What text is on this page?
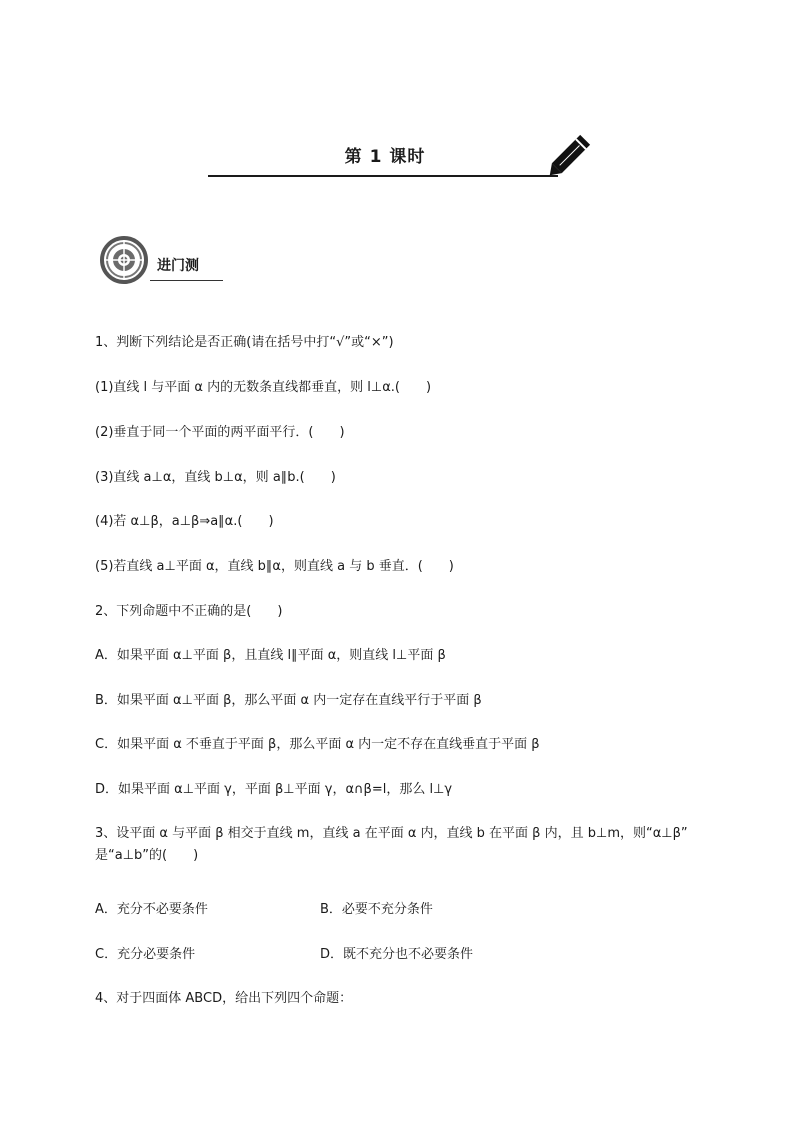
第 1 课时
进门测
1、判断下列结论是否正确(请在括号中打“√”或“×”)
(1)直线 l 与平面 α 内的无数条直线都垂直，则 l⊥α.(　　)
(2)垂直于同一个平面的两平面平行．(　　)
(3)直线 a⊥α，直线 b⊥α，则 a∥b.(　　)
(4)若 α⊥β，a⊥β⇒a∥α.(　　)
(5)若直线 a⊥平面 α，直线 b∥α，则直线 a 与 b 垂直．(　　)
2、下列命题中不正确的是(　　)
A．如果平面 α⊥平面 β，且直线 l∥平面 α，则直线 l⊥平面 β
B．如果平面 α⊥平面 β，那么平面 α 内一定存在直线平行于平面 β
C．如果平面 α 不垂直于平面 β，那么平面 α 内一定不存在直线垂直于平面 β
D．如果平面 α⊥平面 γ，平面 β⊥平面 γ，α∩β=l，那么 l⊥γ
3、设平面 α 与平面 β 相交于直线 m，直线 a 在平面 α 内，直线 b 在平面 β 内，且 b⊥m，则“α⊥β”
是“a⊥b”的(　　)
A．充分不必要条件	B．必要不充分条件
C．充分必要条件	D．既不充分也不必要条件
4、对于四面体 ABCD，给出下列四个命题：
